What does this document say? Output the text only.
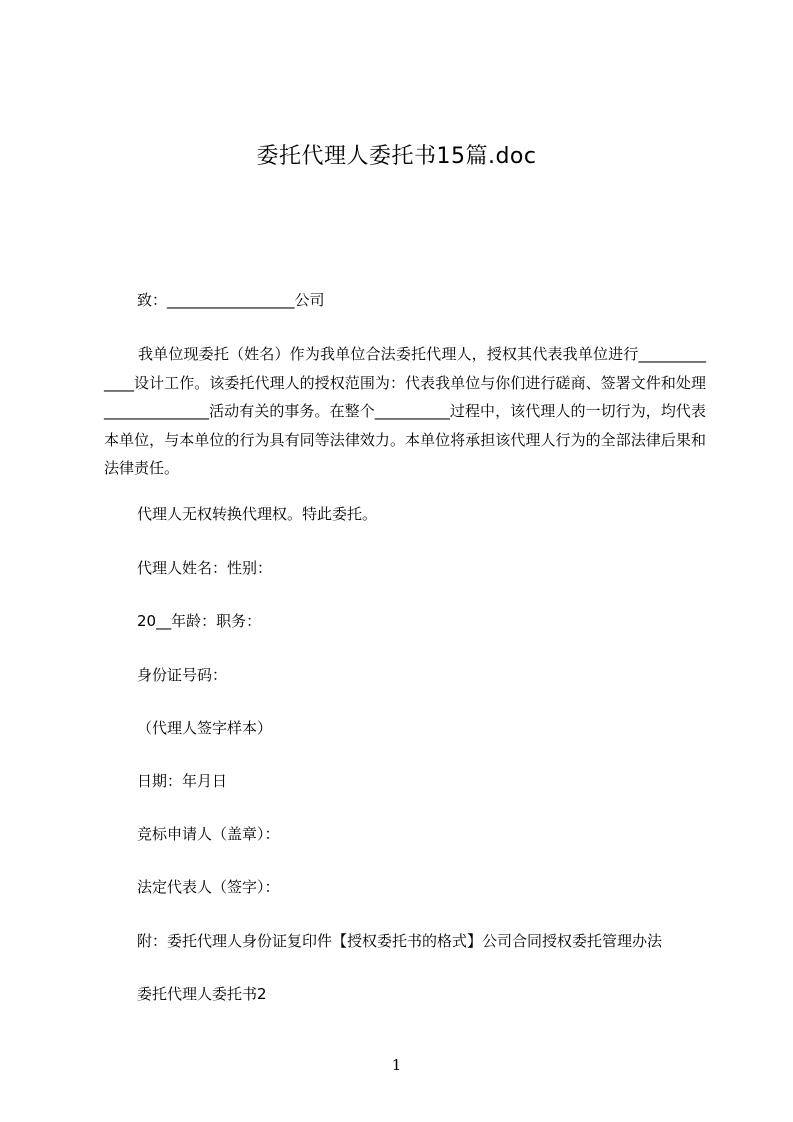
委托代理人委托书15篇.doc
致：_________________公司
我单位现委托（姓名）作为我单位合法委托代理人，授权其代表我单位进行_____________设计工作。该委托代理人的授权范围为：代表我单位与你们进行磋商、签署文件和处理______________活动有关的事务。在整个__________过程中，该代理人的一切行为，均代表本单位，与本单位的行为具有同等法律效力。本单位将承担该代理人行为的全部法律后果和法律责任。
代理人无权转换代理权。特此委托。
代理人姓名：性别：
20__年龄：职务：
身份证号码：
（代理人签字样本）
日期：年月日
竞标申请人（盖章）：
法定代表人（签字）：
附：委托代理人身份证复印件【授权委托书的格式】公司合同授权委托管理办法
委托代理人委托书2
1
